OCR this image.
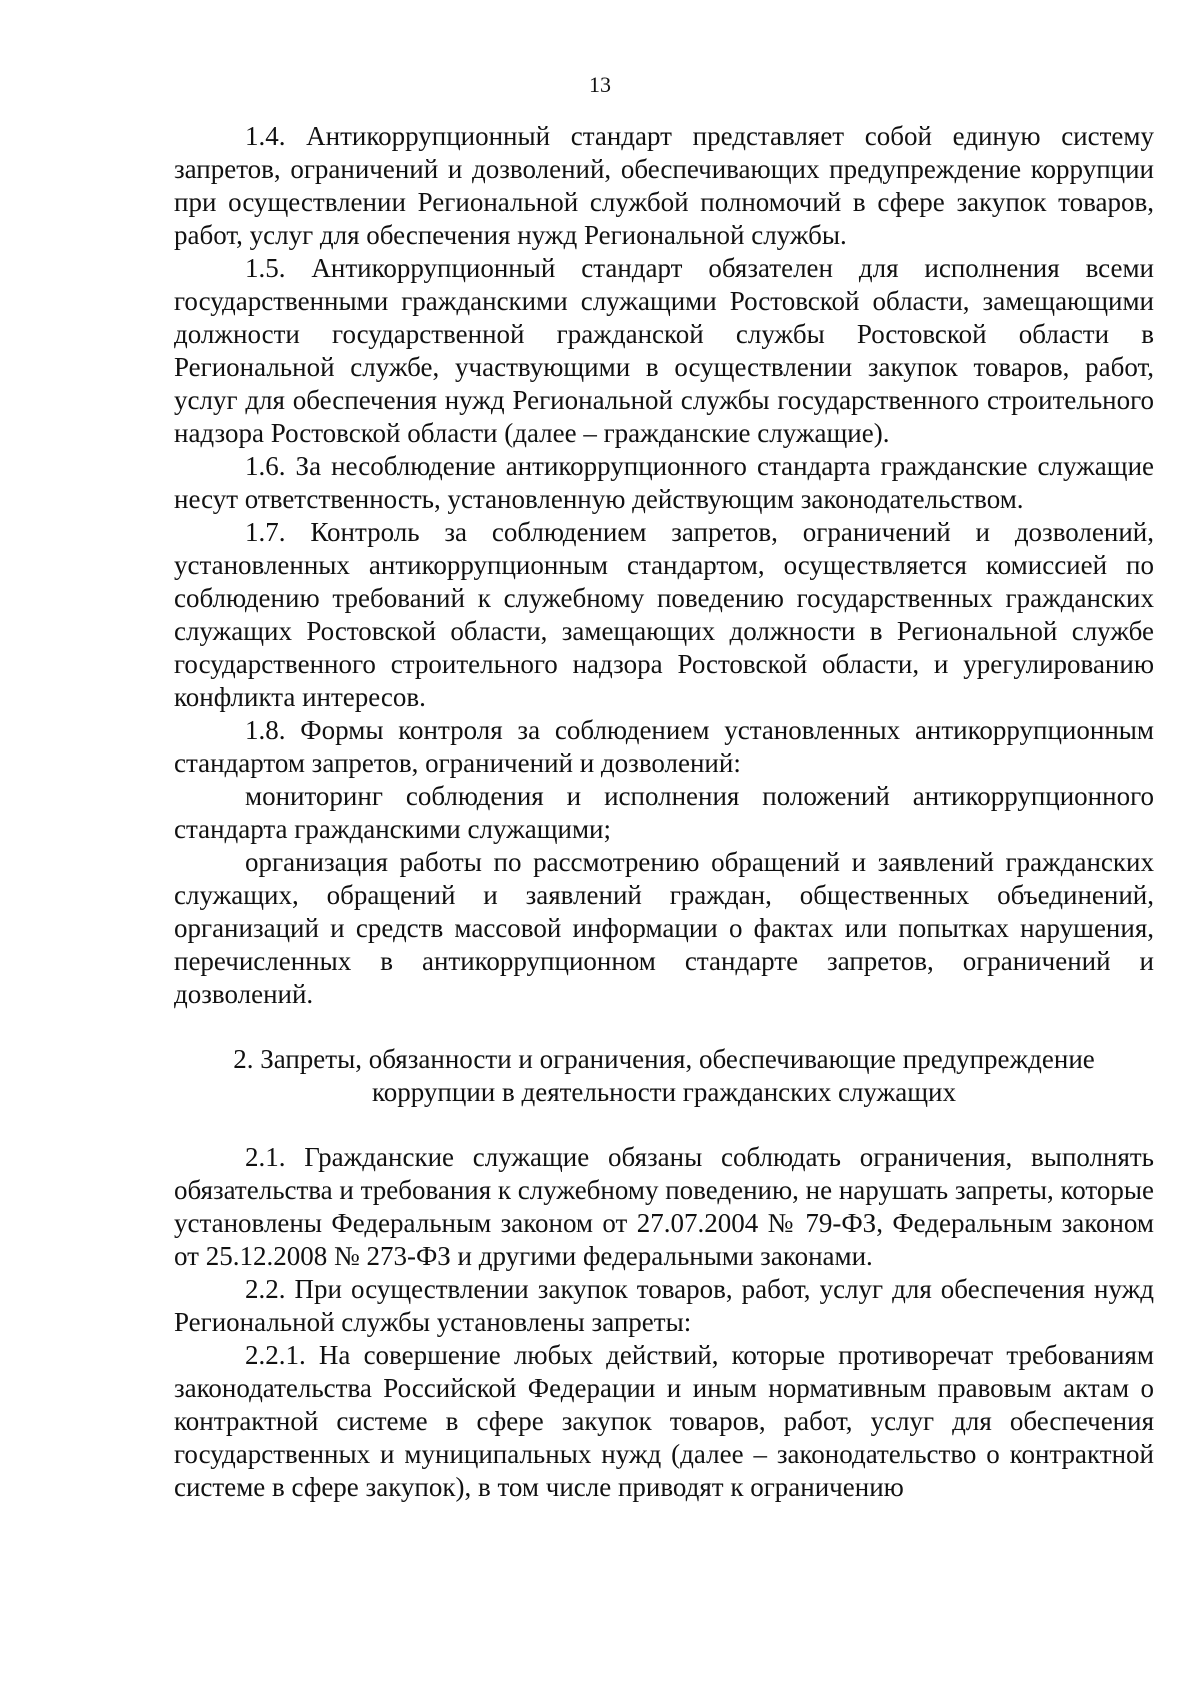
13

1.4. Антикоррупционный стандарт представляет собой единую систему запретов, ограничений и дозволений, обеспечивающих предупреждение коррупции при осуществлении Региональной службой полномочий в сфере закупок товаров, работ, услуг для обеспечения нужд Региональной службы.

1.5. Антикоррупционный стандарт обязателен для исполнения всеми государственными гражданскими служащими Ростовской области, замещающими должности государственной гражданской службы Ростовской области в Региональной службе, участвующими в осуществлении закупок товаров, работ, услуг для обеспечения нужд Региональной службы государственного строительного надзора Ростовской области (далее – гражданские служащие).

1.6. За несоблюдение антикоррупционного стандарта гражданские служащие несут ответственность, установленную действующим законодательством.

1.7. Контроль за соблюдением запретов, ограничений и дозволений, установленных антикоррупционным стандартом, осуществляется комиссией по соблюдению требований к служебному поведению государственных гражданских служащих Ростовской области, замещающих должности в Региональной службе государственного строительного надзора Ростовской области, и урегулированию конфликта интересов.

1.8. Формы контроля за соблюдением установленных антикоррупционным стандартом запретов, ограничений и дозволений:

мониторинг соблюдения и исполнения положений антикоррупционного стандарта гражданскими служащими;

организация работы по рассмотрению обращений и заявлений гражданских служащих, обращений и заявлений граждан, общественных объединений, организаций и средств массовой информации о фактах или попытках нарушения, перечисленных в антикоррупционном стандарте запретов, ограничений и дозволений.

2. Запреты, обязанности и ограничения, обеспечивающие предупреждение
коррупции в деятельности гражданских служащих

2.1. Гражданские служащие обязаны соблюдать ограничения, выполнять обязательства и требования к служебному поведению, не нарушать запреты, которые установлены Федеральным законом от 27.07.2004 № 79-ФЗ, Федеральным законом от 25.12.2008 № 273-ФЗ и другими федеральными законами.

2.2. При осуществлении закупок товаров, работ, услуг для обеспечения нужд Региональной службы установлены запреты:

2.2.1. На совершение любых действий, которые противоречат требованиям законодательства Российской Федерации и иным нормативным правовым актам о контрактной системе в сфере закупок товаров, работ, услуг для обеспечения государственных и муниципальных нужд (далее – законодательство о контрактной системе в сфере закупок), в том числе приводят к ограничению
